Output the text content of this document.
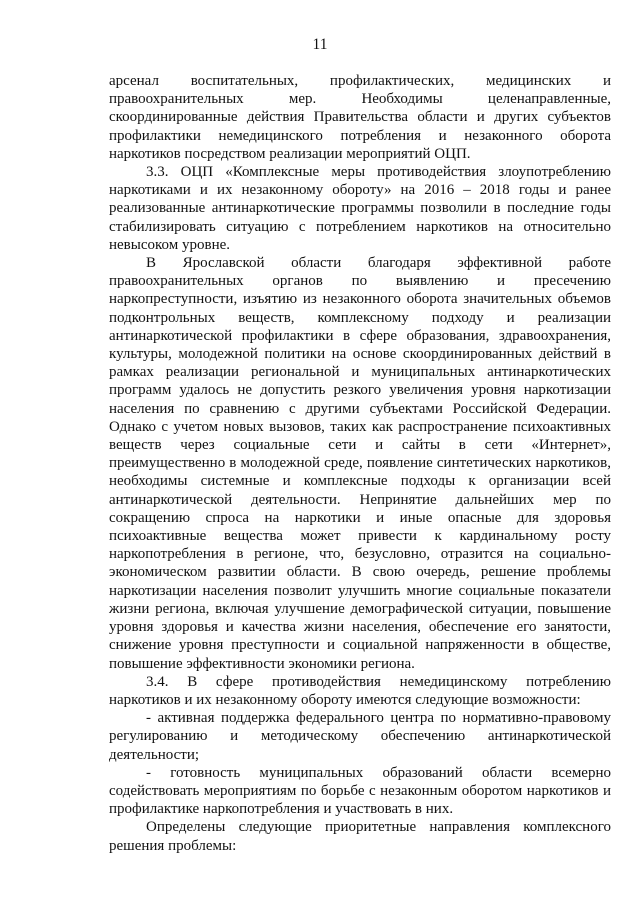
11

арсенал воспитательных, профилактических, медицинских и правоохранительных мер. Необходимы целенаправленные, скоординированные действия Правительства области и других субъектов профилактики немедицинского потребления и незаконного оборота наркотиков посредством реализации мероприятий ОЦП.

3.3. ОЦП «Комплексные меры противодействия злоупотреблению наркотиками и их незаконному обороту» на 2016 – 2018 годы и ранее реализованные антинаркотические программы позволили в последние годы стабилизировать ситуацию с потреблением наркотиков на относительно невысоком уровне.

В Ярославской области благодаря эффективной работе правоохранительных органов по выявлению и пресечению наркопреступности, изъятию из незаконного оборота значительных объемов подконтрольных веществ, комплексному подходу и реализации антинаркотической профилактики в сфере образования, здравоохранения, культуры, молодежной политики на основе скоординированных действий в рамках реализации региональной и муниципальных антинаркотических программ удалось не допустить резкого увеличения уровня наркотизации населения по сравнению с другими субъектами Российской Федерации. Однако с учетом новых вызовов, таких как распространение психоактивных веществ через социальные сети и сайты в сети «Интернет», преимущественно в молодежной среде, появление синтетических наркотиков, необходимы системные и комплексные подходы к организации всей антинаркотической деятельности. Непринятие дальнейших мер по сокращению спроса на наркотики и иные опасные для здоровья психоактивные вещества может привести к кардинальному росту наркопотребления в регионе, что, безусловно, отразится на социально-экономическом развитии области. В свою очередь, решение проблемы наркотизации населения позволит улучшить многие социальные показатели жизни региона, включая улучшение демографической ситуации, повышение уровня здоровья и качества жизни населения, обеспечение его занятости, снижение уровня преступности и социальной напряженности в обществе, повышение эффективности экономики региона.

3.4. В сфере противодействия немедицинскому потреблению наркотиков и их незаконному обороту имеются следующие возможности:

- активная поддержка федерального центра по нормативно-правовому регулированию и методическому обеспечению антинаркотической деятельности;

- готовность муниципальных образований области всемерно содействовать мероприятиям по борьбе с незаконным оборотом наркотиков и профилактике наркопотребления и участвовать в них.

Определены следующие приоритетные направления комплексного решения проблемы:
